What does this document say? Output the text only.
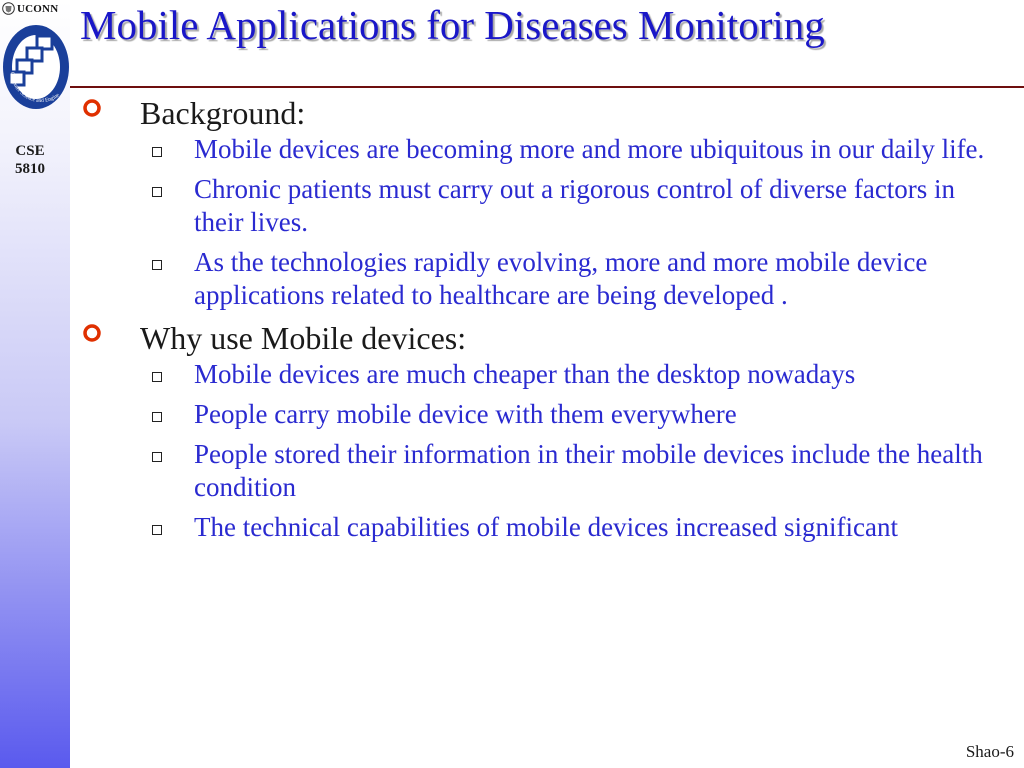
UCONN
Computer Science and Engine
CSE
5810
Mobile Applications for Diseases Monitoring
Background:
Mobile devices are becoming more and more ubiquitous in our daily life.
Chronic patients must carry out a rigorous control of diverse factors in their lives.
As the technologies rapidly evolving, more and more mobile device applications related to healthcare are being developed .
Why use Mobile devices:
Mobile devices are much cheaper than the desktop nowadays
People carry mobile device with them everywhere
People stored their information in their mobile devices include the health condition
The technical capabilities of mobile devices increased significant
Shao-6
